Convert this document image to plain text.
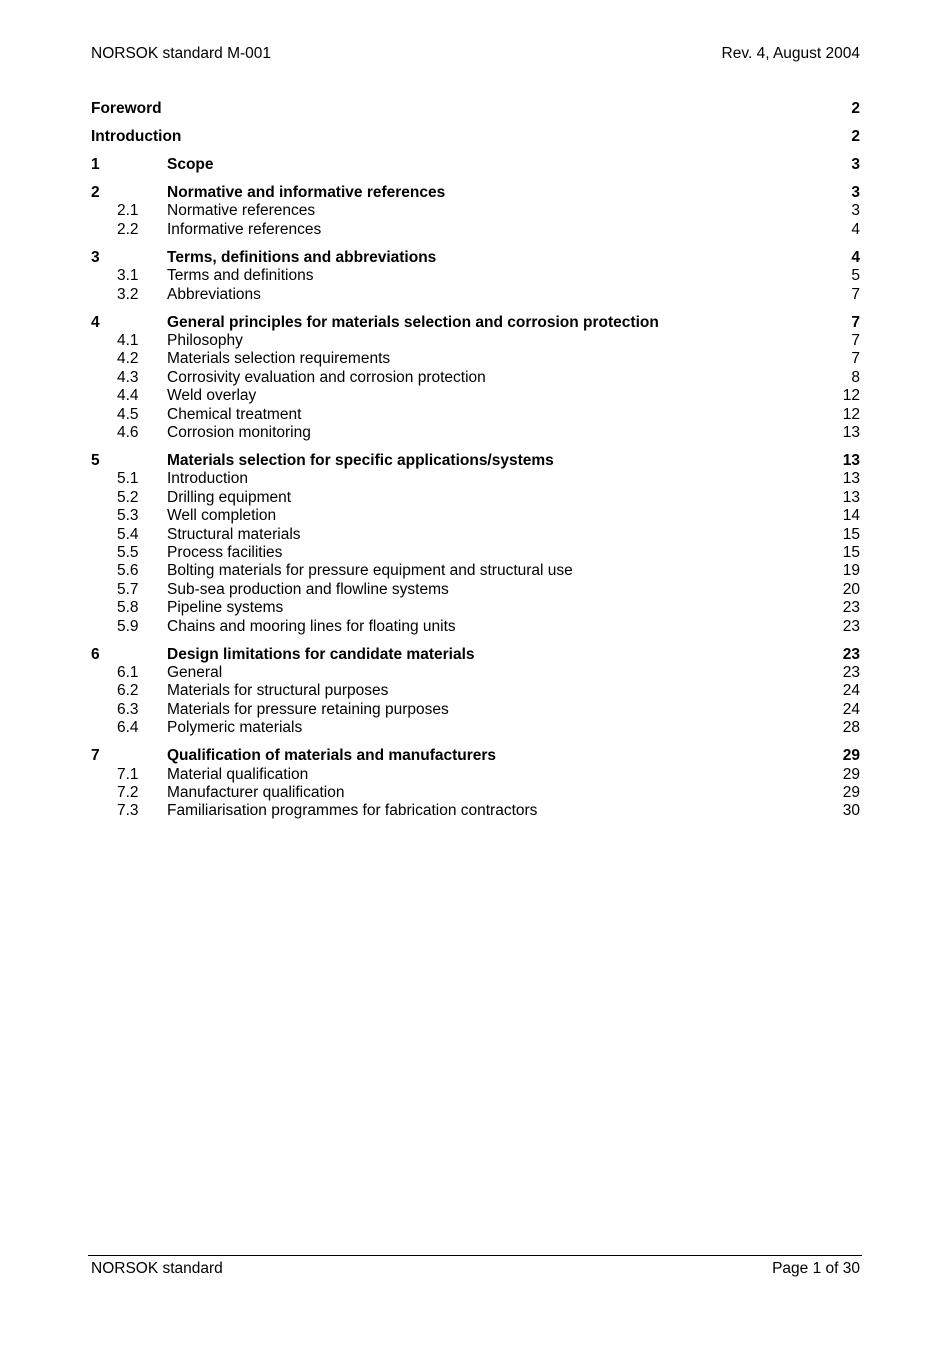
NORSOK standard M-001	Rev. 4, August 2004
Foreword	2
Introduction	2
1	Scope	3
2	Normative and informative references	3
2.1 Normative references	3
2.2 Informative references	4
3	Terms, definitions and abbreviations	4
3.1 Terms and definitions	5
3.2 Abbreviations	7
4	General principles for materials selection and corrosion protection	7
4.1 Philosophy	7
4.2 Materials selection requirements	7
4.3 Corrosivity evaluation and corrosion protection	8
4.4 Weld overlay	12
4.5 Chemical treatment	12
4.6 Corrosion monitoring	13
5	Materials selection for specific applications/systems	13
5.1 Introduction	13
5.2 Drilling equipment	13
5.3 Well completion	14
5.4 Structural materials	15
5.5 Process facilities	15
5.6 Bolting materials for pressure equipment and structural use	19
5.7 Sub-sea production and flowline systems	20
5.8 Pipeline systems	23
5.9 Chains and mooring lines for floating units	23
6	Design limitations for candidate materials	23
6.1 General	23
6.2 Materials for structural purposes	24
6.3 Materials for pressure retaining purposes	24
6.4 Polymeric materials	28
7	Qualification of materials and manufacturers	29
7.1 Material qualification	29
7.2 Manufacturer qualification	29
7.3 Familiarisation programmes for fabrication contractors	30
NORSOK standard	Page 1 of 30
